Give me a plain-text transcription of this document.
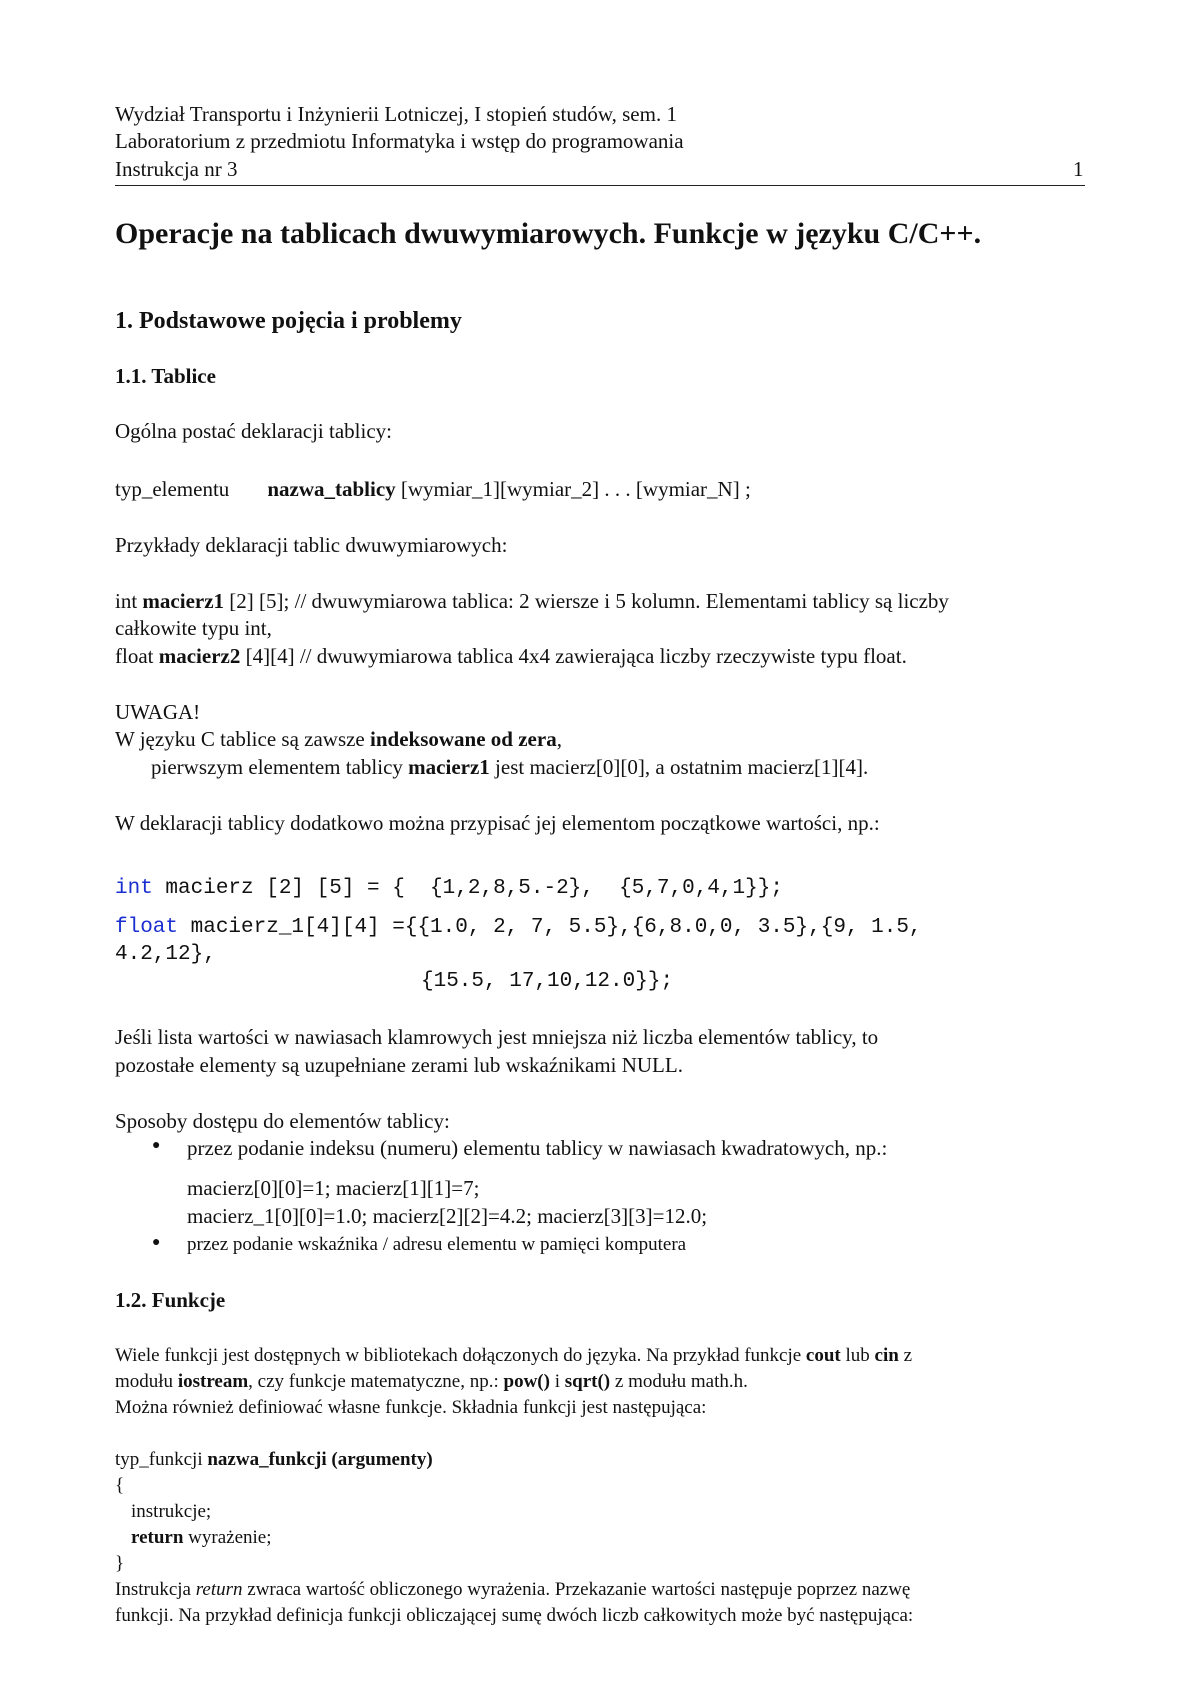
Wydział Transportu i Inżynierii Lotniczej, I stopień studów, sem. 1
Laboratorium z przedmiotu Informatyka i wstęp do programowania
Instrukcja nr 3	1
Operacje na tablicach dwuwymiarowych. Funkcje w języku C/C++.
1. Podstawowe pojęcia i problemy
1.1. Tablice
Ogólna postać deklaracji tablicy:
typ_elementu nazwa_tablicy [wymiar_1][wymiar_2] . . . [wymiar_N] ;
Przykłady deklaracji tablic dwuwymiarowych:
int macierz1 [2] [5]; // dwuwymiarowa tablica: 2 wiersze i 5 kolumn. Elementami tablicy są liczby
całkowite typu int,
float macierz2 [4][4] // dwuwymiarowa tablica 4x4 zawierająca liczby rzeczywiste typu float.
UWAGA!
W języku C tablice są zawsze indeksowane od zera,
pierwszym elementem tablicy macierz1 jest macierz[0][0], a ostatnim macierz[1][4].
W deklaracji tablicy dodatkowo można przypisać jej elementom początkowe wartości, np.:
int macierz [2] [5] = {  {1,2,8,5.-2},  {5,7,0,4,1}};
float macierz_1[4][4] ={{1.0, 2, 7, 5.5},{6,8.0,0, 3.5},{9, 1.5,
4.2,12},
{15.5, 17,10,12.0}};
Jeśli lista wartości w nawiasach klamrowych jest mniejsza niż liczba elementów tablicy, to
pozostałe elementy są uzupełniane zerami lub wskaźnikami NULL.
Sposoby dostępu do elementów tablicy:
● przez podanie indeksu (numeru) elementu tablicy w nawiasach kwadratowych, np.:
macierz[0][0]=1; macierz[1][1]=7;
macierz_1[0][0]=1.0; macierz[2][2]=4.2; macierz[3][3]=12.0;
● przez podanie wskaźnika / adresu elementu w pamięci komputera
1.2. Funkcje
Wiele funkcji jest dostępnych w bibliotekach dołączonych do języka. Na przykład funkcje cout lub cin z
modułu iostream, czy funkcje matematyczne, np.: pow() i sqrt() z modułu math.h.
Można również definiować własne funkcje. Składnia funkcji jest następująca:
typ_funkcji nazwa_funkcji (argumenty)
{
instrukcje;
return wyrażenie;
}
Instrukcja return zwraca wartość obliczonego wyrażenia. Przekazanie wartości następuje poprzez nazwę
funkcji. Na przykład definicja funkcji obliczającej sumę dwóch liczb całkowitych może być następująca:
